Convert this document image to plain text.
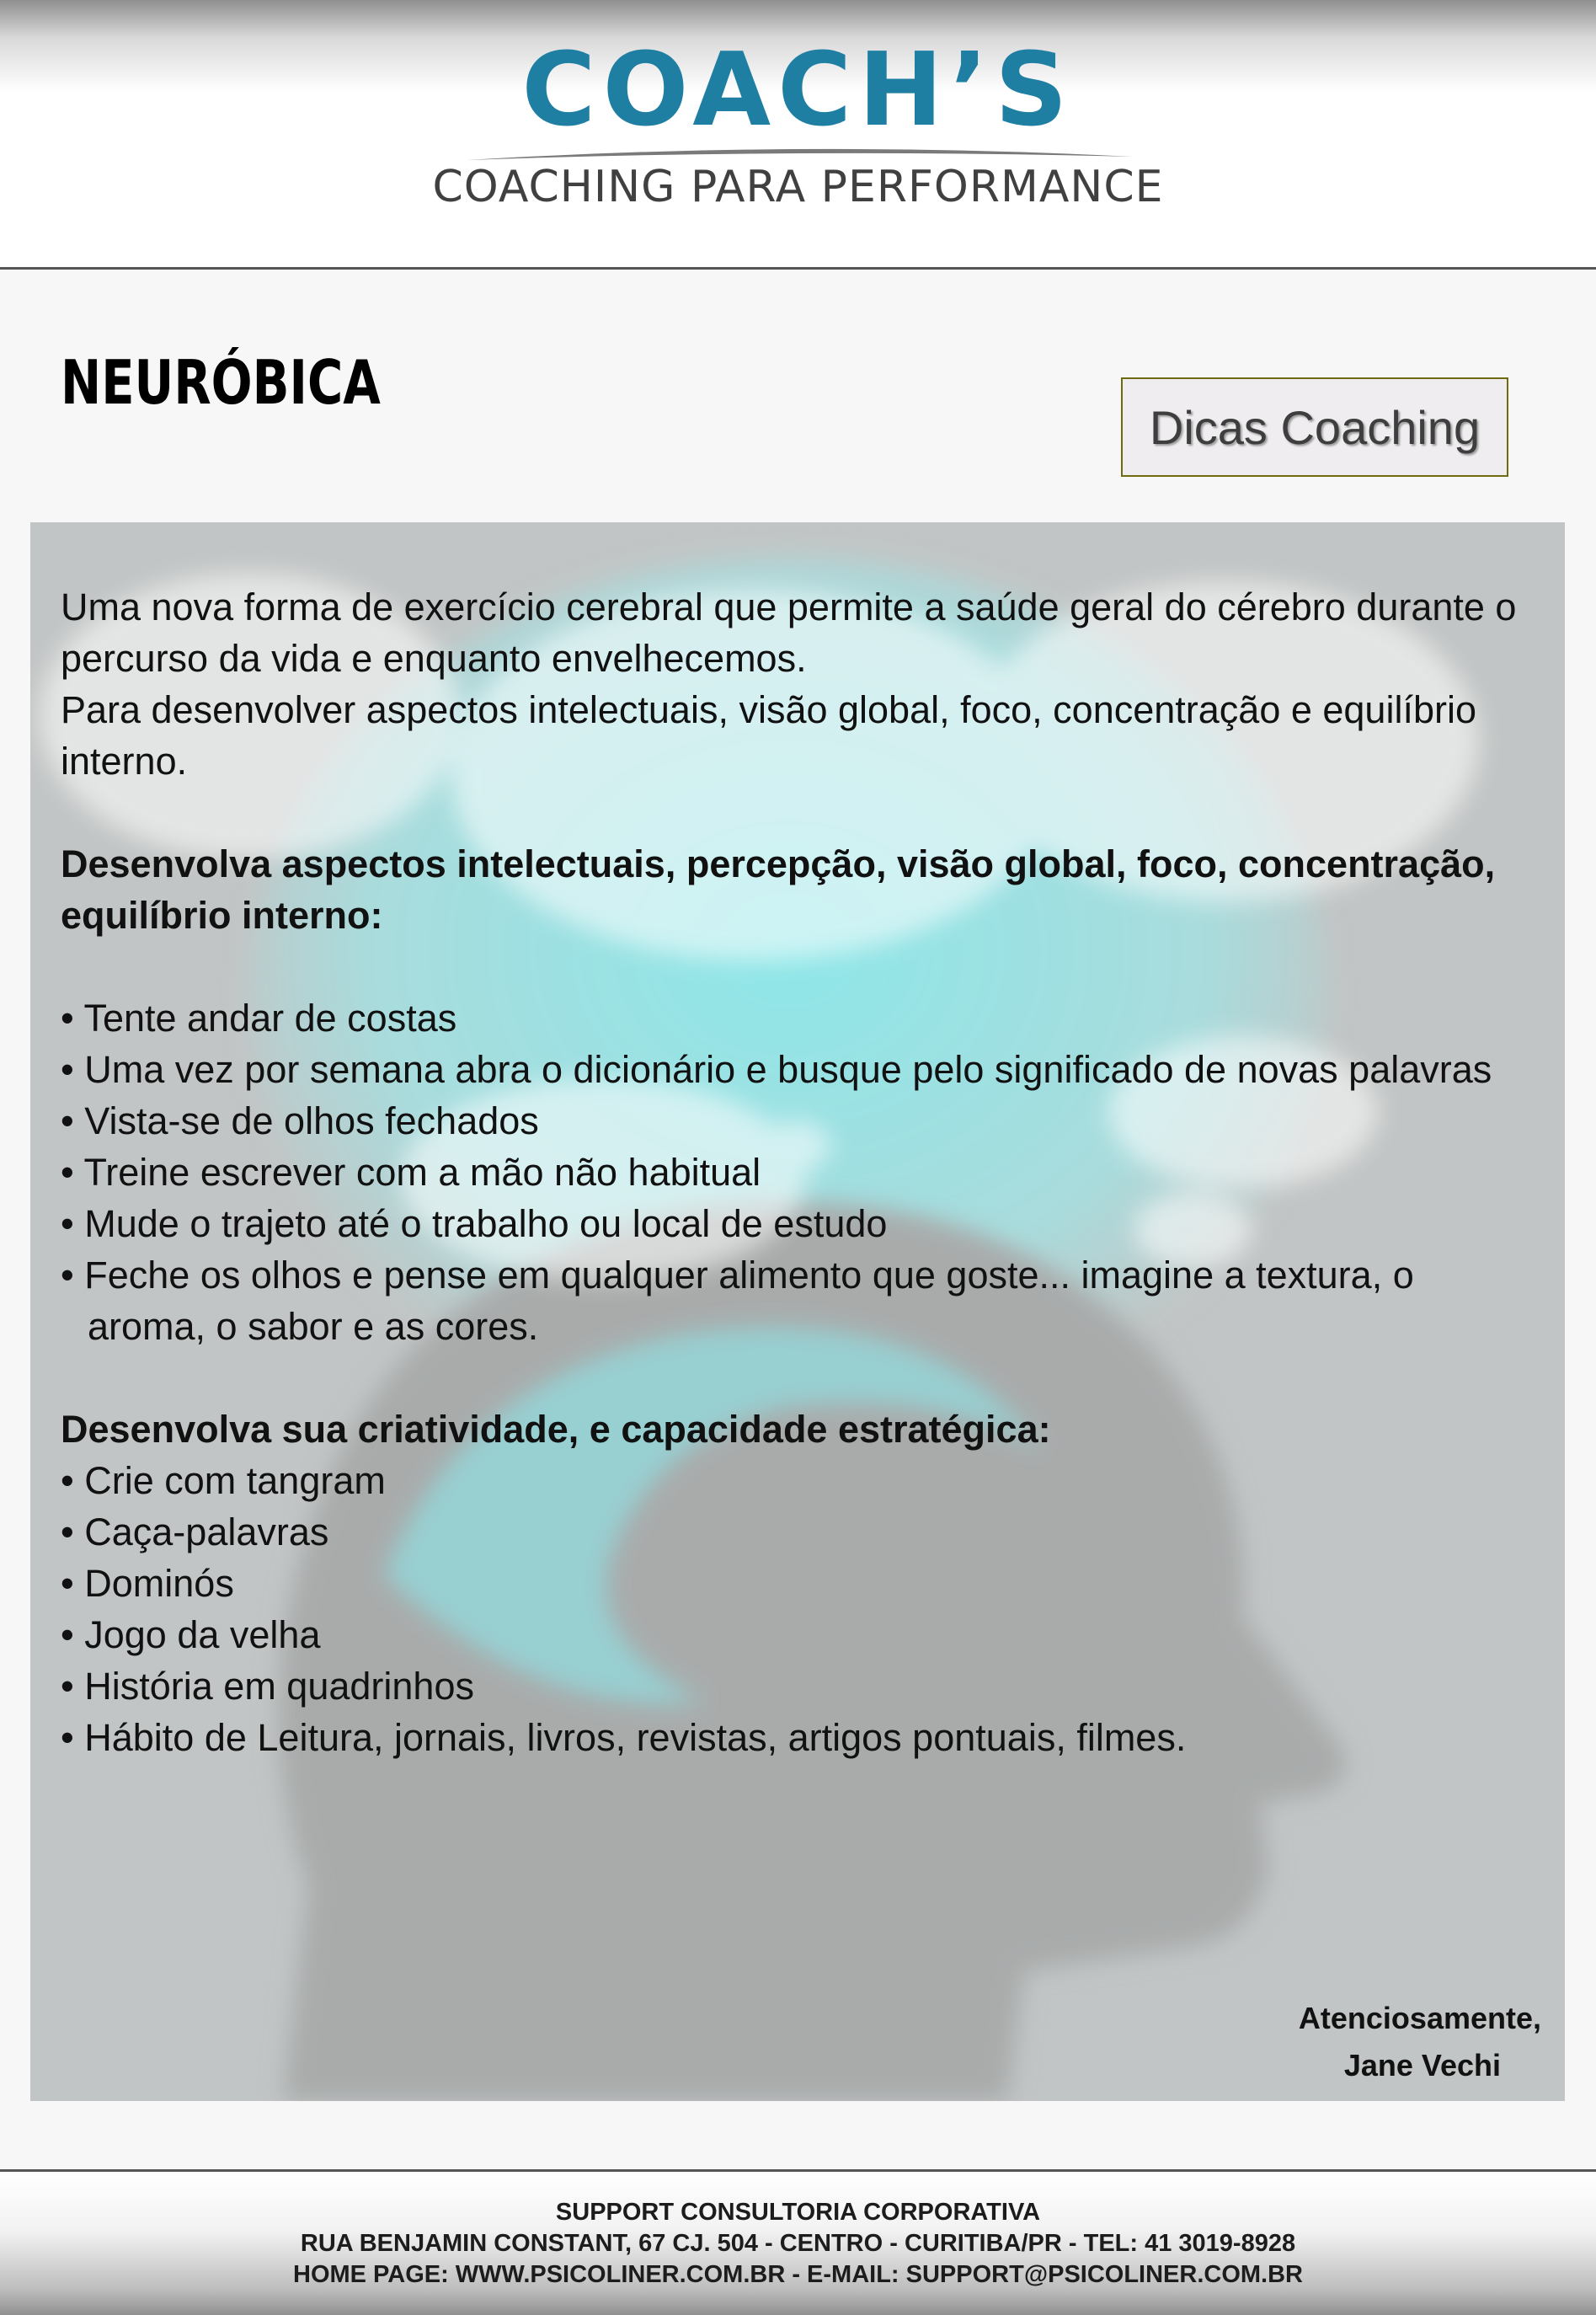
COACH’S
COACHING PARA PERFORMANCE
NEURÓBICA
Dicas Coaching

Uma nova forma de exercício cerebral que permite a saúde geral do cérebro durante o percurso da vida e enquanto envelhecemos.

Para desenvolver aspectos intelectuais, visão global, foco, concentração e equilíbrio interno.

Desenvolva aspectos intelectuais, percepção, visão global, foco, concentração, equilíbrio interno:

• Tente andar de costas
• Uma vez por semana abra o dicionário e busque pelo significado de novas palavras
• Vista-se de olhos fechados
• Treine escrever com a mão não habitual
• Mude o trajeto até o trabalho ou local de estudo
• Feche os olhos e pense em qualquer alimento que goste... imagine a textura, o aroma, o sabor e as cores.

Desenvolva sua criatividade, e capacidade estratégica:

• Crie com tangram
• Caça-palavras
• Dominós
• Jogo da velha
• História em quadrinhos
• Hábito de Leitura, jornais, livros, revistas, artigos pontuais, filmes.
Atenciosamente,
Jane Vechi
SUPPORT CONSULTORIA CORPORATIVA
RUA BENJAMIN CONSTANT, 67 CJ. 504 - CENTRO - CURITIBA/PR - TEL: 41 3019-8928
HOME PAGE: WWW.PSICOLINER.COM.BR - E-MAIL: SUPPORT@PSICOLINER.COM.BR
